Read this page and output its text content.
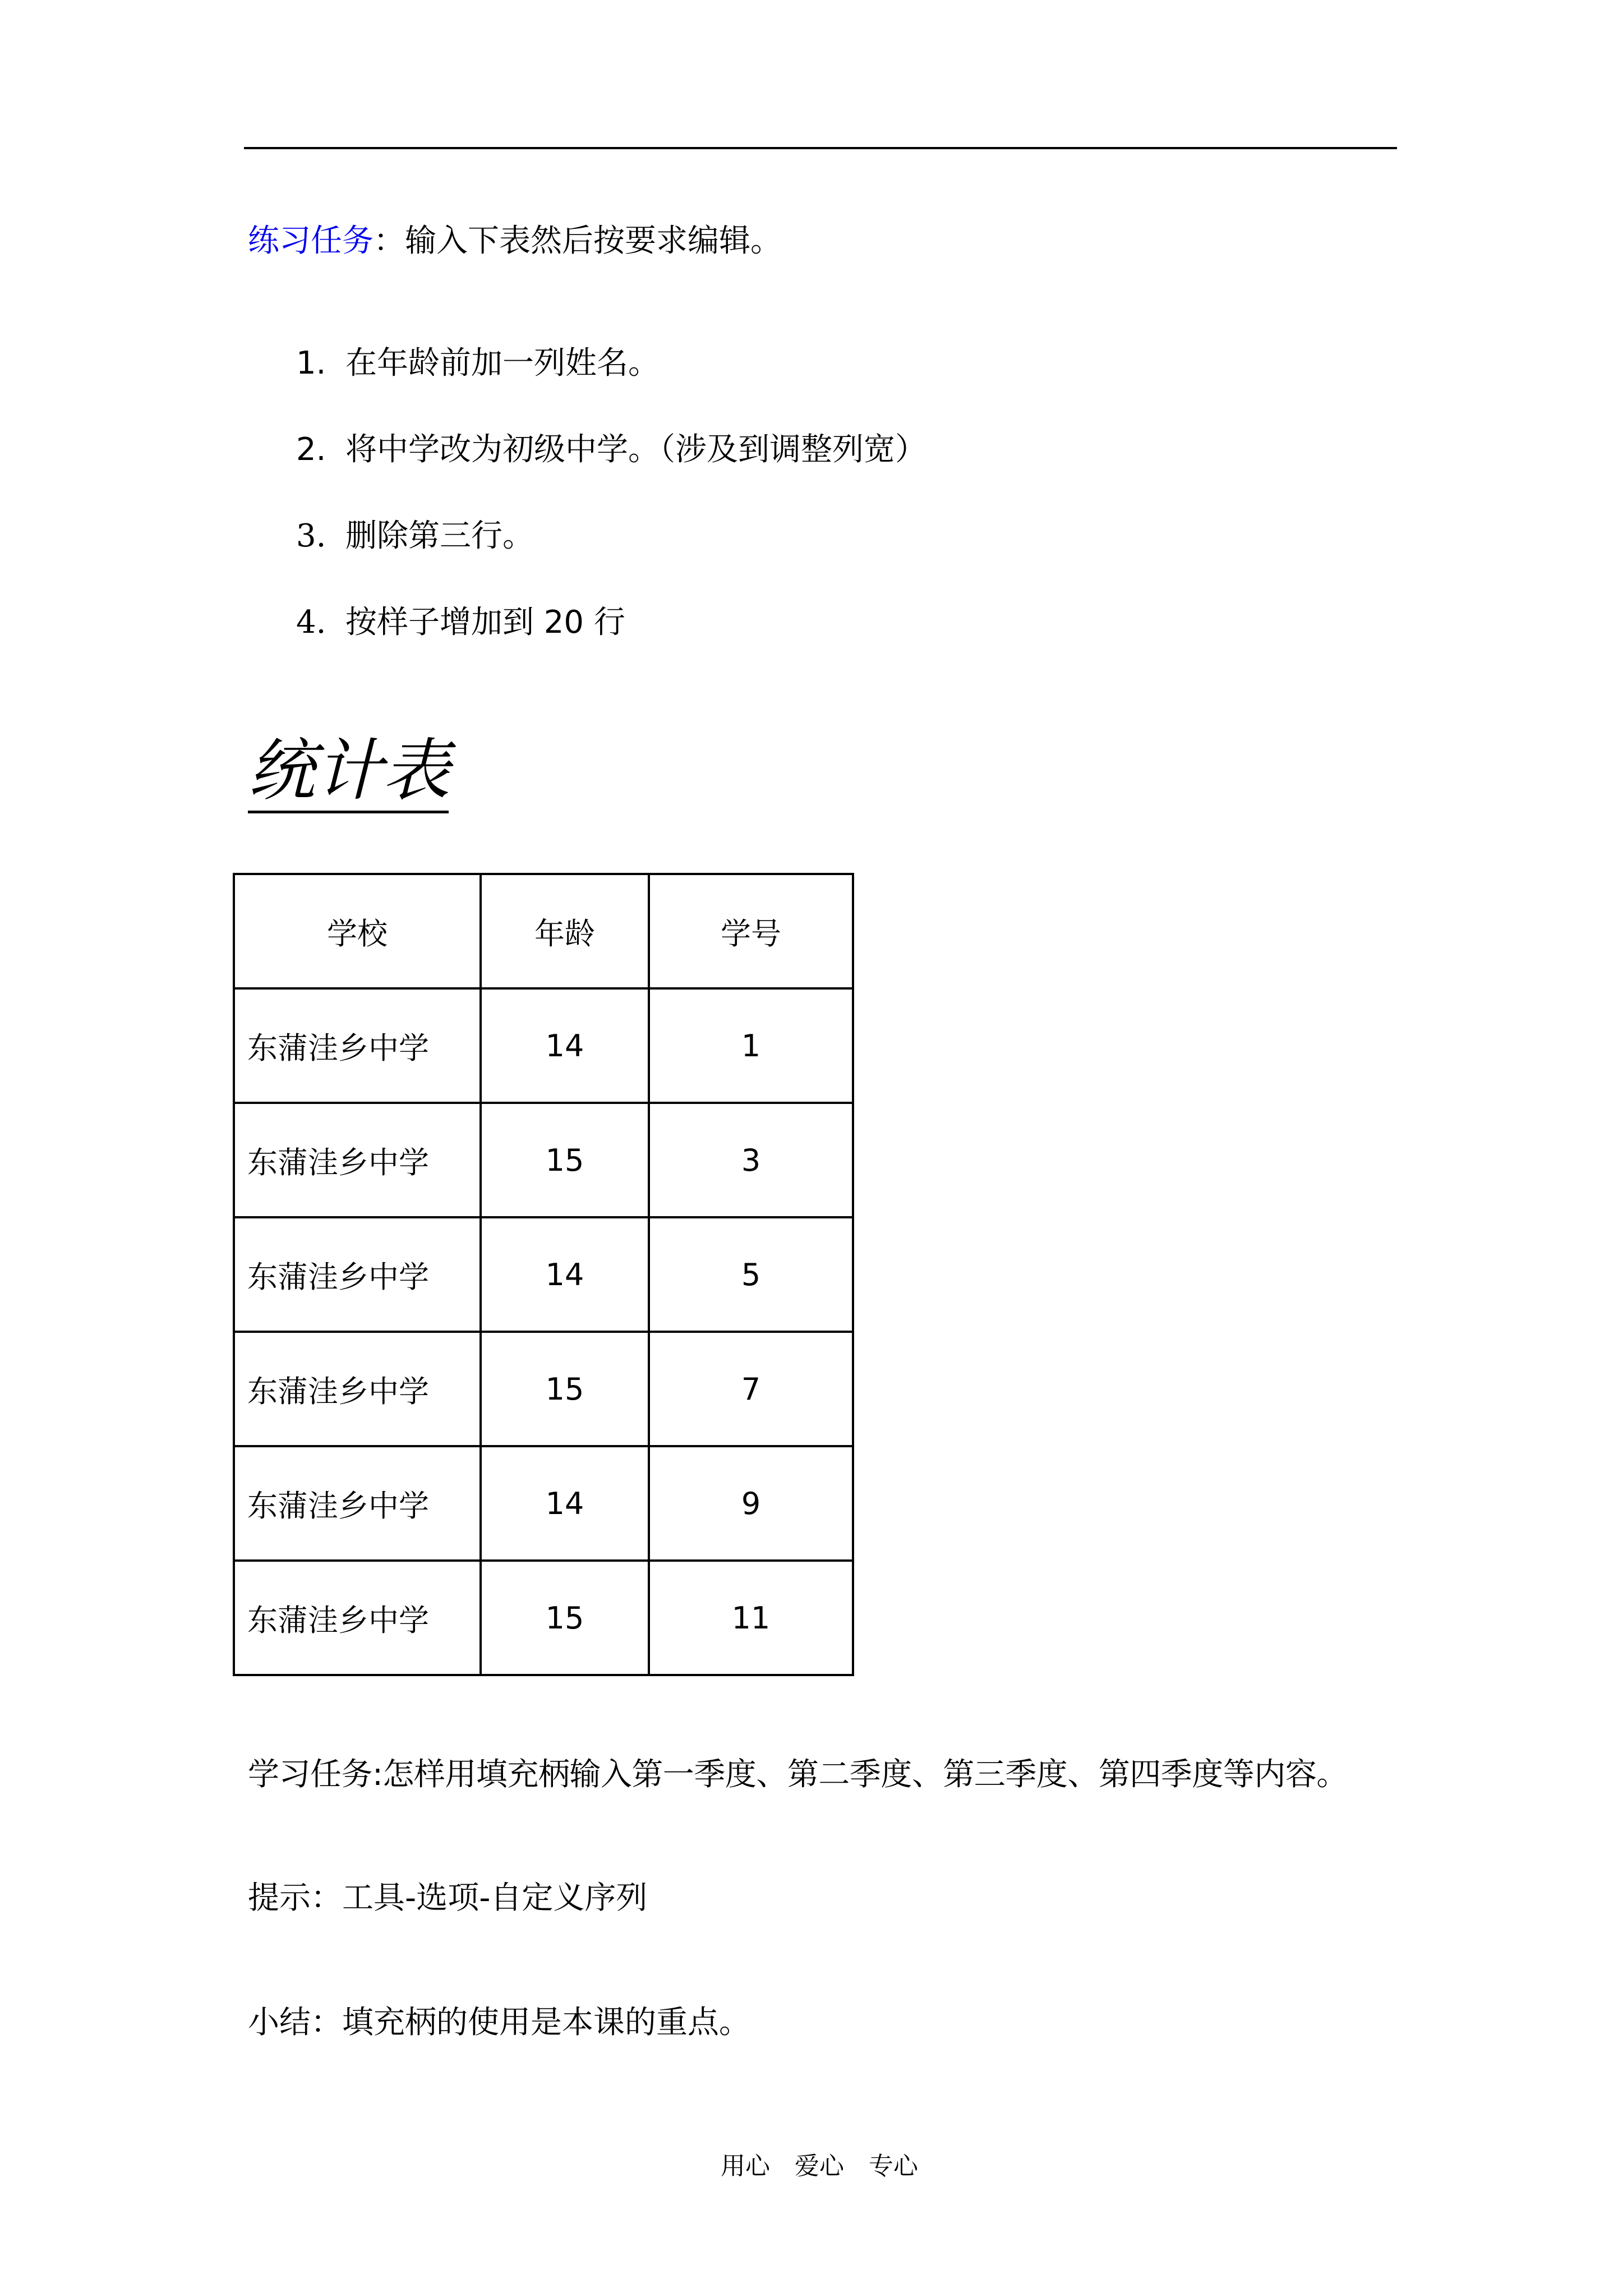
练习任务：输入下表然后按要求编辑。
1. 在年龄前加一列姓名。
2. 将中学改为初级中学。（涉及到调整列宽）
3. 删除第三行。
4. 按样子增加到 20 行
统计表
学校	年龄	学号
东蒲洼乡中学	14	1
东蒲洼乡中学	15	3
东蒲洼乡中学	14	5
东蒲洼乡中学	15	7
东蒲洼乡中学	14	9
东蒲洼乡中学	15	11
学习任务:怎样用填充柄输入第一季度、第二季度、第三季度、第四季度等内容。
提示：工具-选项-自定义序列
小结：填充柄的使用是本课的重点。
用心　爱心　专心
